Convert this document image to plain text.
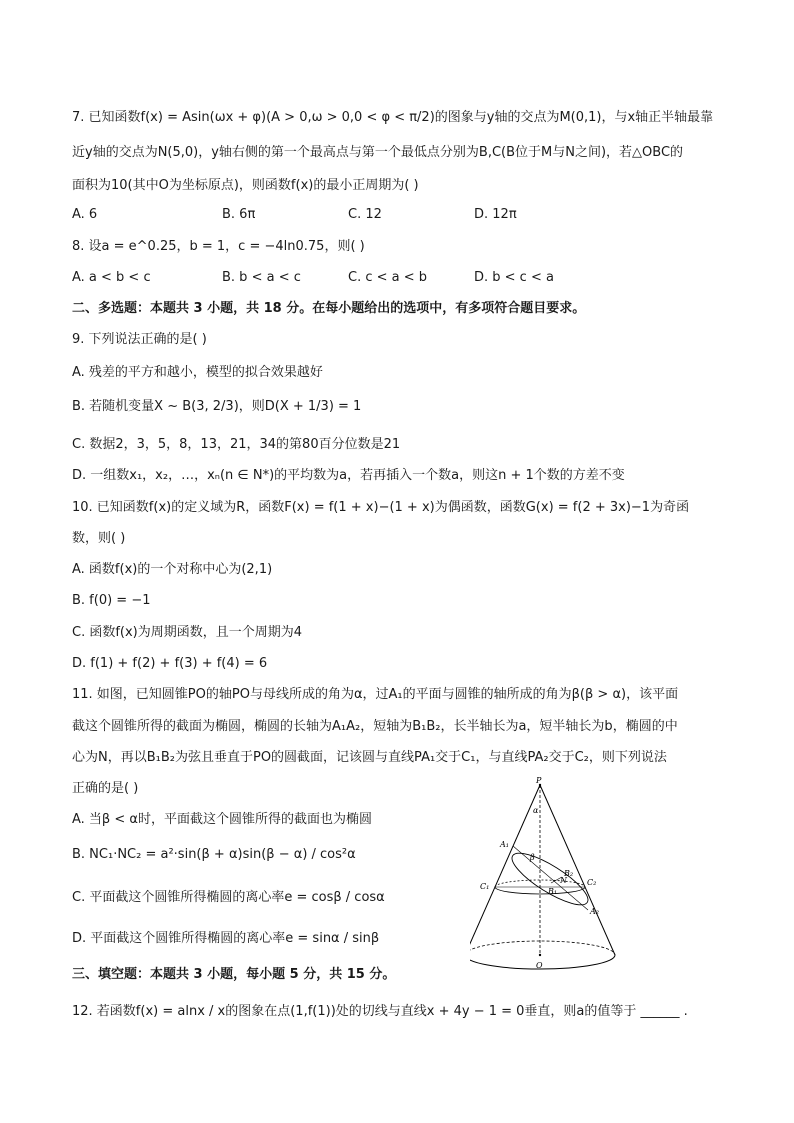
7. 已知函数f(x) = Asin(ωx + φ)(A > 0,ω > 0,0 < φ < π/2)的图象与y轴的交点为M(0,1)，与x轴正半轴最靠
近y轴的交点为N(5,0)，y轴右侧的第一个最高点与第一个最低点分别为B,C(B位于M与N之间)，若△OBC的
面积为10(其中O为坐标原点)，则函数f(x)的最小正周期为( )
A. 6	B. 6π	C. 12	D. 12π
8. 设a = e^0.25，b = 1，c = −4ln0.75，则( )
A. a < b < c	B. b < a < c	C. c < a < b	D. b < c < a
二、多选题：本题共 3 小题，共 18 分。在每小题给出的选项中，有多项符合题目要求。
9. 下列说法正确的是( )
A. 残差的平方和越小，模型的拟合效果越好
B. 若随机变量X ~ B(3, 2/3)，则D(X + 1/3) = 1
C. 数据2，3，5，8，13，21，34的第80百分位数是21
D. 一组数x₁，x₂，…，xₙ(n ∈ N*)的平均数为a，若再插入一个数a，则这n + 1个数的方差不变
10. 已知函数f(x)的定义域为R，函数F(x) = f(1 + x)−(1 + x)为偶函数，函数G(x) = f(2 + 3x)−1为奇函
数，则( )
A. 函数f(x)的一个对称中心为(2,1)
B. f(0) = −1
C. 函数f(x)为周期函数，且一个周期为4
D. f(1) + f(2) + f(3) + f(4) = 6
11. 如图，已知圆锥PO的轴PO与母线所成的角为α，过A₁的平面与圆锥的轴所成的角为β(β > α)，该平面
截这个圆锥所得的截面为椭圆，椭圆的长轴为A₁A₂，短轴为B₁B₂，长半轴长为a，短半轴长为b，椭圆的中
心为N，再以B₁B₂为弦且垂直于PO的圆截面，记该圆与直线PA₁交于C₁，与直线PA₂交于C₂，则下列说法
正确的是( )
A. 当β < α时，平面截这个圆锥所得的截面也为椭圆
B. NC₁·NC₂ = a²·sin(β + α)sin(β − α) / cos²α
C. 平面截这个圆锥所得椭圆的离心率e = cosβ / cosα
D. 平面截这个圆锥所得椭圆的离心率e = sinα / sinβ
三、填空题：本题共 3 小题，每小题 5 分，共 15 分。
12. 若函数f(x) = alnx / x的图象在点(1,f(1))处的切线与直线x + 4y − 1 = 0垂直，则a的值等于 ______ .
P
O
α
β
A₁
A₂
B₁
B₂
C₁	C₂
N
